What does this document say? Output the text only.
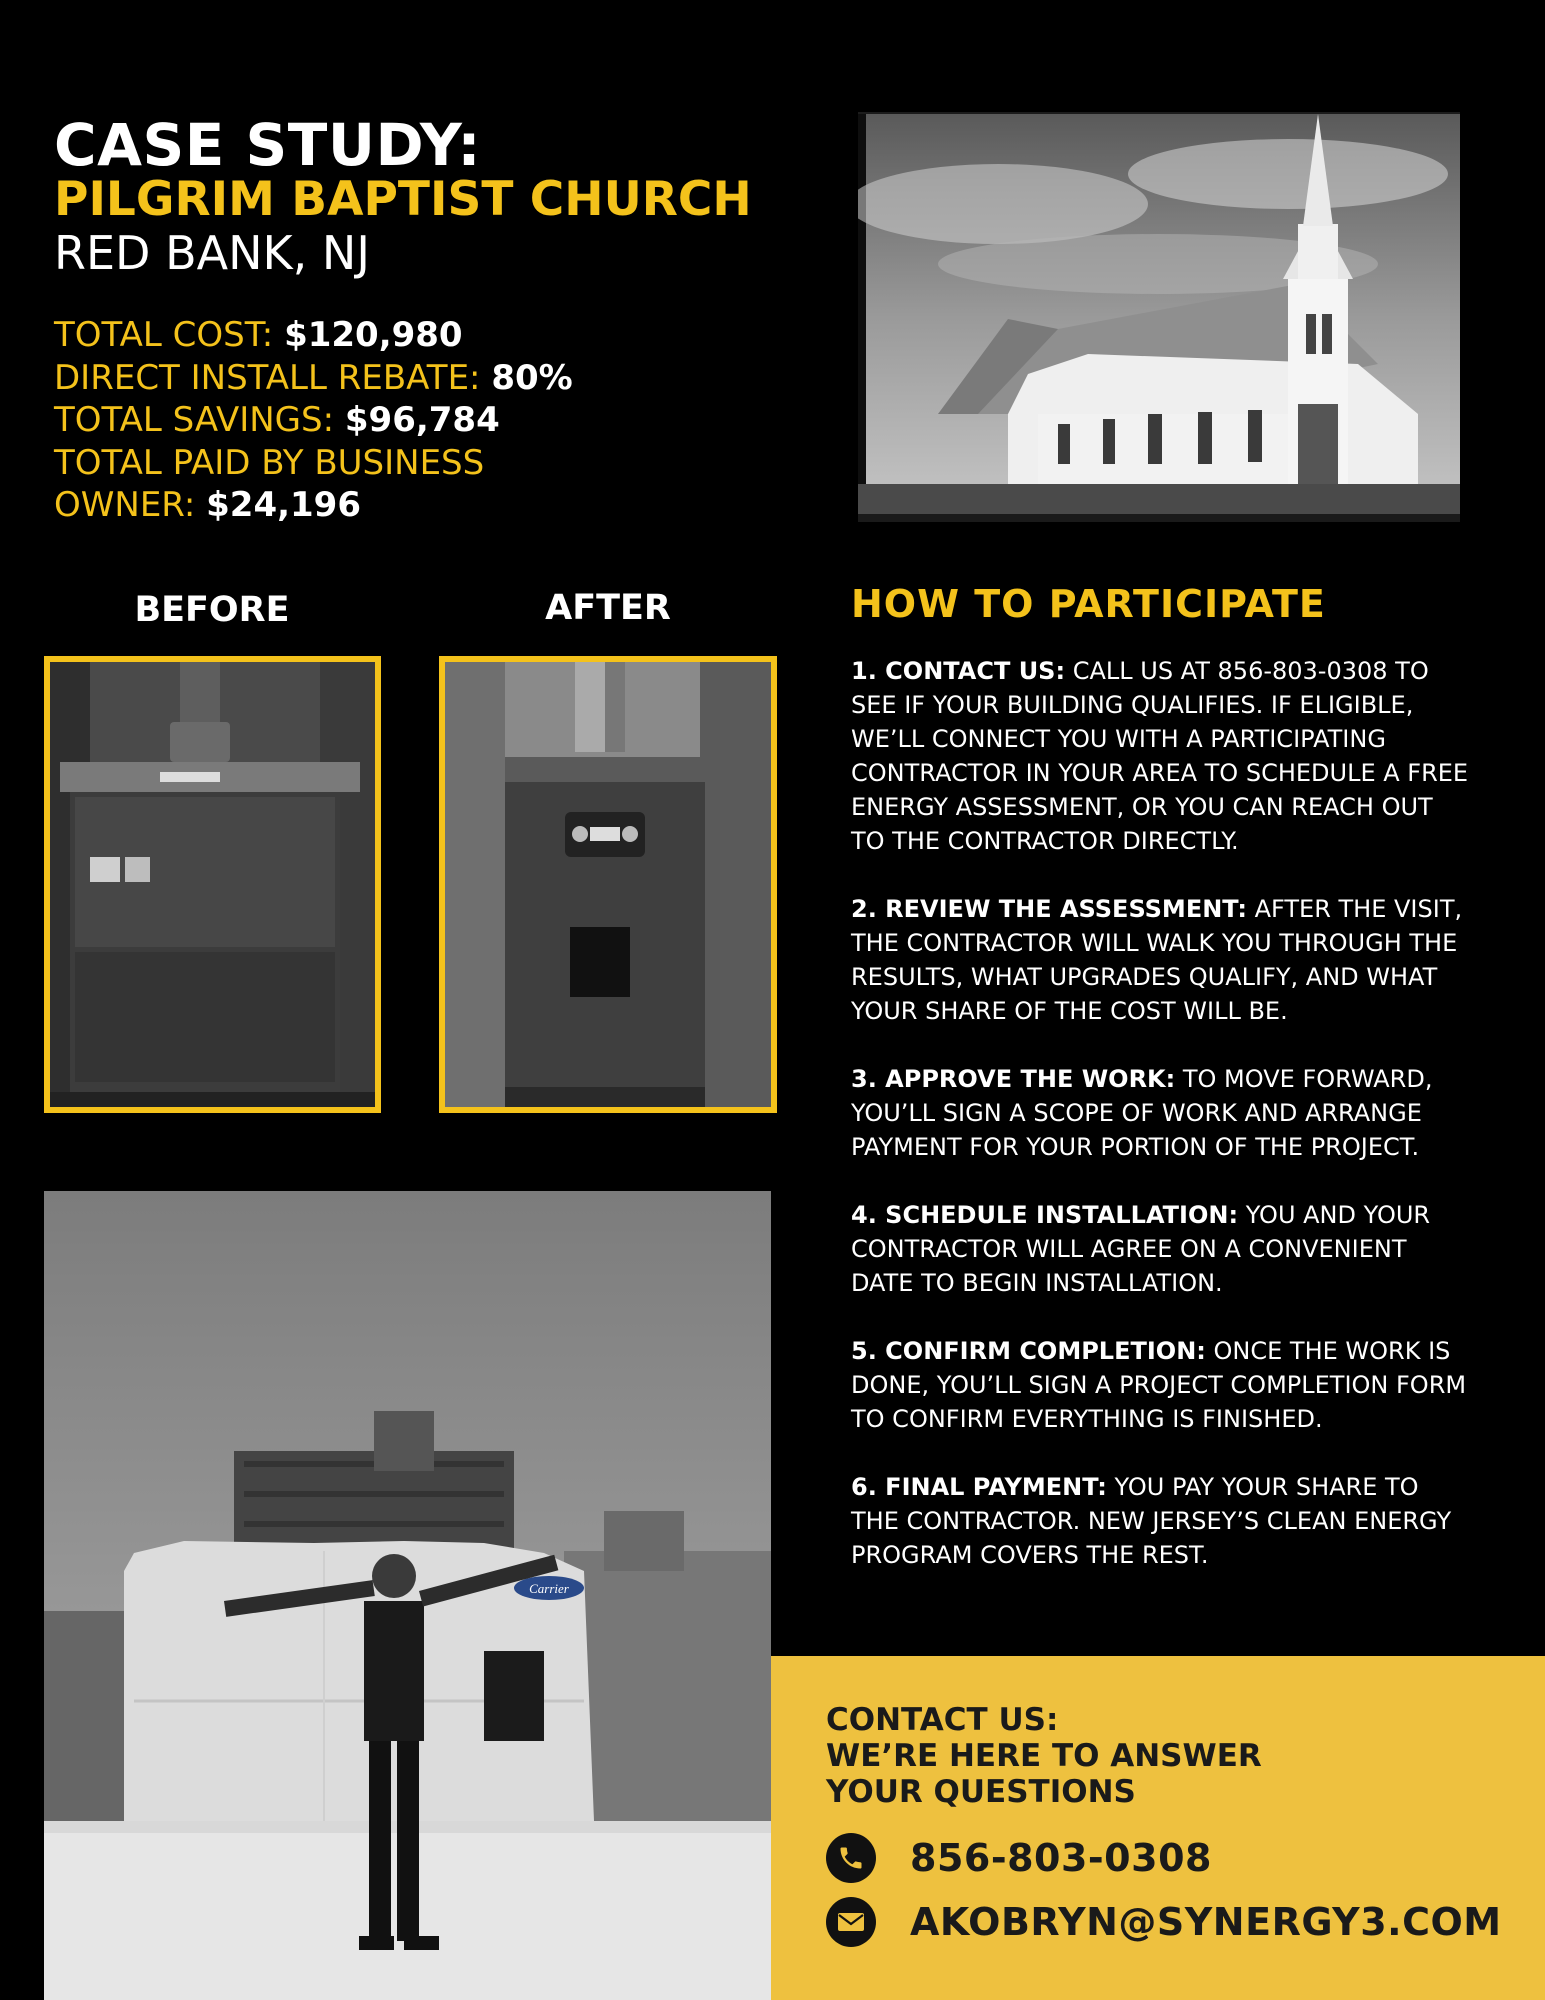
CASE STUDY:
PILGRIM BAPTIST CHURCH
RED BANK, NJ
TOTAL COST: $120,980
DIRECT INSTALL REBATE: 80%
TOTAL SAVINGS: $96,784
TOTAL PAID BY BUSINESS
OWNER: $24,196
BEFORE	AFTER
Carrier
HOW TO PARTICIPATE
1. CONTACT US: CALL US AT 856-803-0308 TO SEE IF YOUR BUILDING QUALIFIES. IF ELIGIBLE, WE’LL CONNECT YOU WITH A PARTICIPATING CONTRACTOR IN YOUR AREA TO SCHEDULE A FREE ENERGY ASSESSMENT, OR YOU CAN REACH OUT TO THE CONTRACTOR DIRECTLY.
2. REVIEW THE ASSESSMENT: AFTER THE VISIT, THE CONTRACTOR WILL WALK YOU THROUGH THE RESULTS, WHAT UPGRADES QUALIFY, AND WHAT YOUR SHARE OF THE COST WILL BE.
3. APPROVE THE WORK: TO MOVE FORWARD, YOU’LL SIGN A SCOPE OF WORK AND ARRANGE PAYMENT FOR YOUR PORTION OF THE PROJECT.
4. SCHEDULE INSTALLATION: YOU AND YOUR CONTRACTOR WILL AGREE ON A CONVENIENT DATE TO BEGIN INSTALLATION.
5. CONFIRM COMPLETION: ONCE THE WORK IS DONE, YOU’LL SIGN A PROJECT COMPLETION FORM TO CONFIRM EVERYTHING IS FINISHED.
6. FINAL PAYMENT: YOU PAY YOUR SHARE TO THE CONTRACTOR. NEW JERSEY’S CLEAN ENERGY PROGRAM COVERS THE REST.
CONTACT US:
WE’RE HERE TO ANSWER
YOUR QUESTIONS
856-803-0308
AKOBRYN@SYNERGY3.COM
